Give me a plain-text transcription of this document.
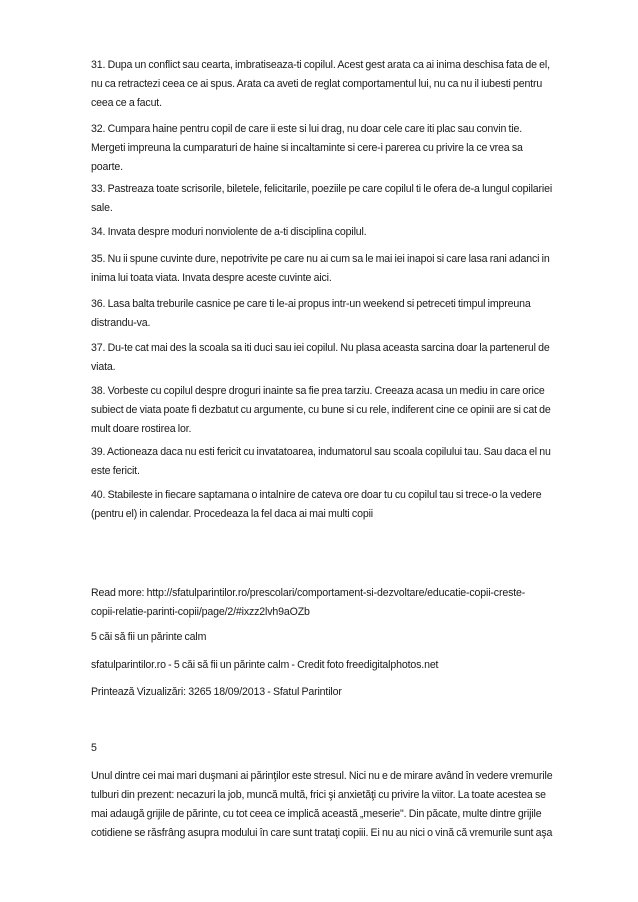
31. Dupa un conflict sau cearta, imbratiseaza-ti copilul. Acest gest arata ca ai inima deschisa fata de el,
nu ca retractezi ceea ce ai spus. Arata ca aveti de reglat comportamentul lui, nu ca nu il iubesti pentru
ceea ce a facut.
32. Cumpara haine pentru copil de care ii este si lui drag, nu doar cele care iti plac sau convin tie.
Mergeti impreuna la cumparaturi de haine si incaltaminte si cere-i parerea cu privire la ce vrea sa
poarte.
33. Pastreaza toate scrisorile, biletele, felicitarile, poeziile pe care copilul ti le ofera de-a lungul copilariei
sale.
34. Invata despre moduri nonviolente de a-ti disciplina copilul.
35. Nu ii spune cuvinte dure, nepotrivite pe care nu ai cum sa le mai iei inapoi si care lasa rani adanci in
inima lui toata viata. Invata despre aceste cuvinte aici.
36. Lasa balta treburile casnice pe care ti le-ai propus intr-un weekend si petreceti timpul impreuna
distrandu-va.
37. Du-te cat mai des la scoala sa iti duci sau iei copilul. Nu plasa aceasta sarcina doar la partenerul de
viata.
38. Vorbeste cu copilul despre droguri inainte sa fie prea tarziu. Creeaza acasa un mediu in care orice
subiect de viata poate fi dezbatut cu argumente, cu bune si cu rele, indiferent cine ce opinii are si cat de
mult doare rostirea lor.
39. Actioneaza daca nu esti fericit cu invatatoarea, indumatorul sau scoala copilului tau. Sau daca el nu
este fericit.
40. Stabileste in fiecare saptamana o intalnire de cateva ore doar tu cu copilul tau si trece-o la vedere
(pentru el) in calendar. Procedeaza la fel daca ai mai multi copii
Read more: http://sfatulparintilor.ro/prescolari/comportament-si-dezvoltare/educatie-copii-creste-
copii-relatie-parinti-copii/page/2/#ixzz2lvh9aOZb
5 căi să fii un părinte calm
sfatulparintilor.ro - 5 căi să fii un părinte calm - Credit foto freedigitalphotos.net
Printează Vizualizări: 3265 18/09/2013 - Sfatul Parintilor
5
Unul dintre cei mai mari duşmani ai părinţilor este stresul. Nici nu e de mirare având în vedere vremurile
tulburi din prezent: necazuri la job, muncă multă, frici şi anxietăţi cu privire la viitor. La toate acestea se
mai adaugă grijile de părinte, cu tot ceea ce implică această „meserie". Din păcate, multe dintre grijile
cotidiene se răsfrâng asupra modului în care sunt trataţi copiii. Ei nu au nici o vină că vremurile sunt aşa
